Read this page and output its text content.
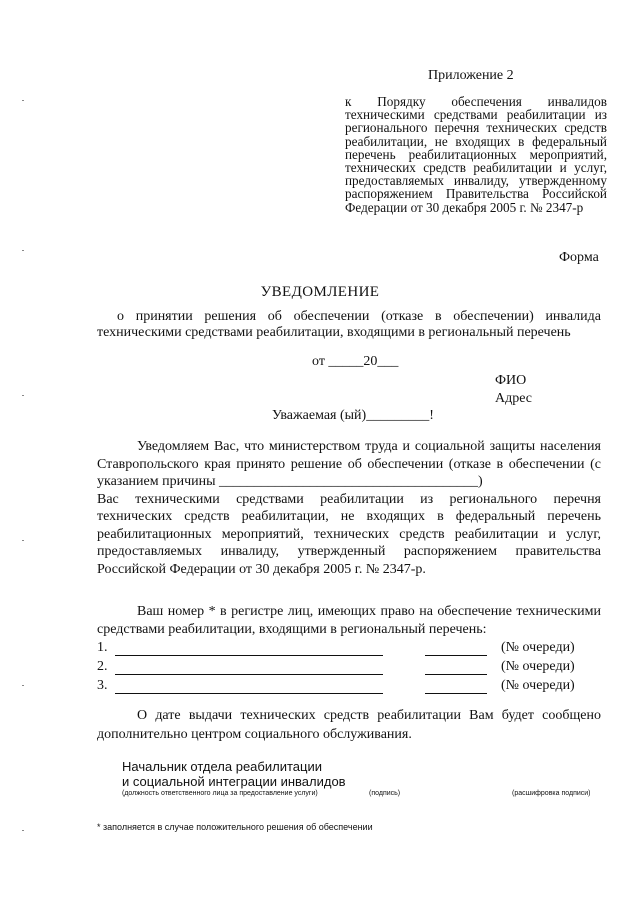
Приложение 2
к Порядку обеспечения инвалидов техническими средствами реабилитации из регионального перечня технических средств реабилитации, не входящих в федеральный перечень реабилитационных мероприятий, технических средств реабилитации и услуг, предоставляемых инвалиду, утвержденному распоряжением Правительства Российской Федерации от 30 декабря 2005 г. № 2347-р
Форма
УВЕДОМЛЕНИЕ
о принятии решения об обеспечении (отказе в обеспечении) инвалида техническими средствами реабилитации, входящими в региональный перечень
от _____20___
ФИО
Адрес
Уважаемая (ый)_________!
Уведомляем Вас, что министерством труда и социальной защиты населения Ставропольского края принято решение об обеспечении (отказе в обеспечении (с указанием причины _____________________________________)
Вас техническими средствами реабилитации из регионального перечня технических средств реабилитации, не входящих в федеральный перечень реабилитационных мероприятий, технических средств реабилитации и услуг, предоставляемых инвалиду, утвержденный распоряжением правительства Российской Федерации от 30 декабря 2005 г. № 2347-р.
Ваш номер * в регистре лиц, имеющих право на обеспечение техническими средствами реабилитации, входящими в региональный перечень:
1.	(№ очереди)
2.	(№ очереди)
3.	(№ очереди)
О дате выдачи технических средств реабилитации Вам будет сообщено дополнительно центром социального обслуживания.
Начальник отдела реабилитации
и социальной интеграции инвалидов
(должность ответственного лица за предоставление услуги)	(подпись)	(расшифровка подписи)
* заполняется в случае положительного решения об обеспечении
